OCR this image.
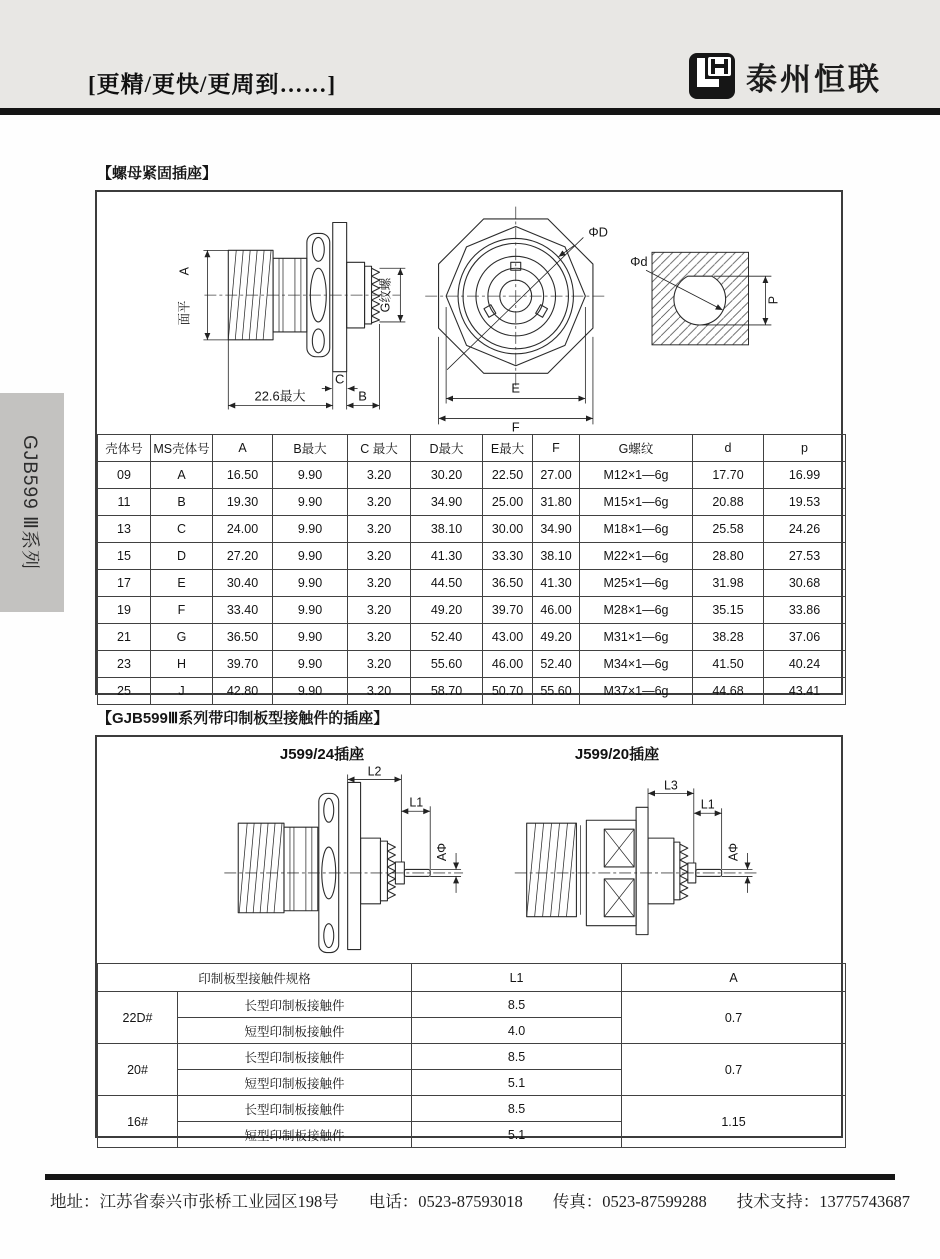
[更精/更快/更周到……]	泰州恒联
GJB599 Ⅲ系列
【螺母紧固插座】
A
面平
G纹螺
C
22.6最大	B
ΦD
E
F
Φd
P
壳体号	MS壳体号	A	B最大	C 最大	D最大	E最大	F	G螺纹	d	p
09	A	16.50	9.90	3.20	30.20	22.50	27.00	M12×1—6g	17.70	16.99
11	B	19.30	9.90	3.20	34.90	25.00	31.80	M15×1—6g	20.88	19.53
13	C	24.00	9.90	3.20	38.10	30.00	34.90	M18×1—6g	25.58	24.26
15	D	27.20	9.90	3.20	41.30	33.30	38.10	M22×1—6g	28.80	27.53
17	E	30.40	9.90	3.20	44.50	36.50	41.30	M25×1—6g	31.98	30.68
19	F	33.40	9.90	3.20	49.20	39.70	46.00	M28×1—6g	35.15	33.86
21	G	36.50	9.90	3.20	52.40	43.00	49.20	M31×1—6g	38.28	37.06
23	H	39.70	9.90	3.20	55.60	46.00	52.40	M34×1—6g	41.50	40.24
25	J	42.80	9.90	3.20	58.70	50.70	55.60	M37×1—6g	44.68	43.41
【GJB599Ⅲ系列带印制板型接触件的插座】
J599/24插座	J599/20插座
L2
L1
AΦ
L3
L1
AΦ
印制板型接触件规格		L1	A
22D#	长型印制板接触件	8.5	0.7
	短型印制板接触件	4.0	
20#	长型印制板接触件	8.5	0.7
	短型印制板接触件	5.1	
16#	长型印制板接触件	8.5	1.15
	短型印制板接触件	5.1	
地址：江苏省泰兴市张桥工业园区198号 电话：0523-87593018 传真：0523-87599288 技术支持：13775743687
